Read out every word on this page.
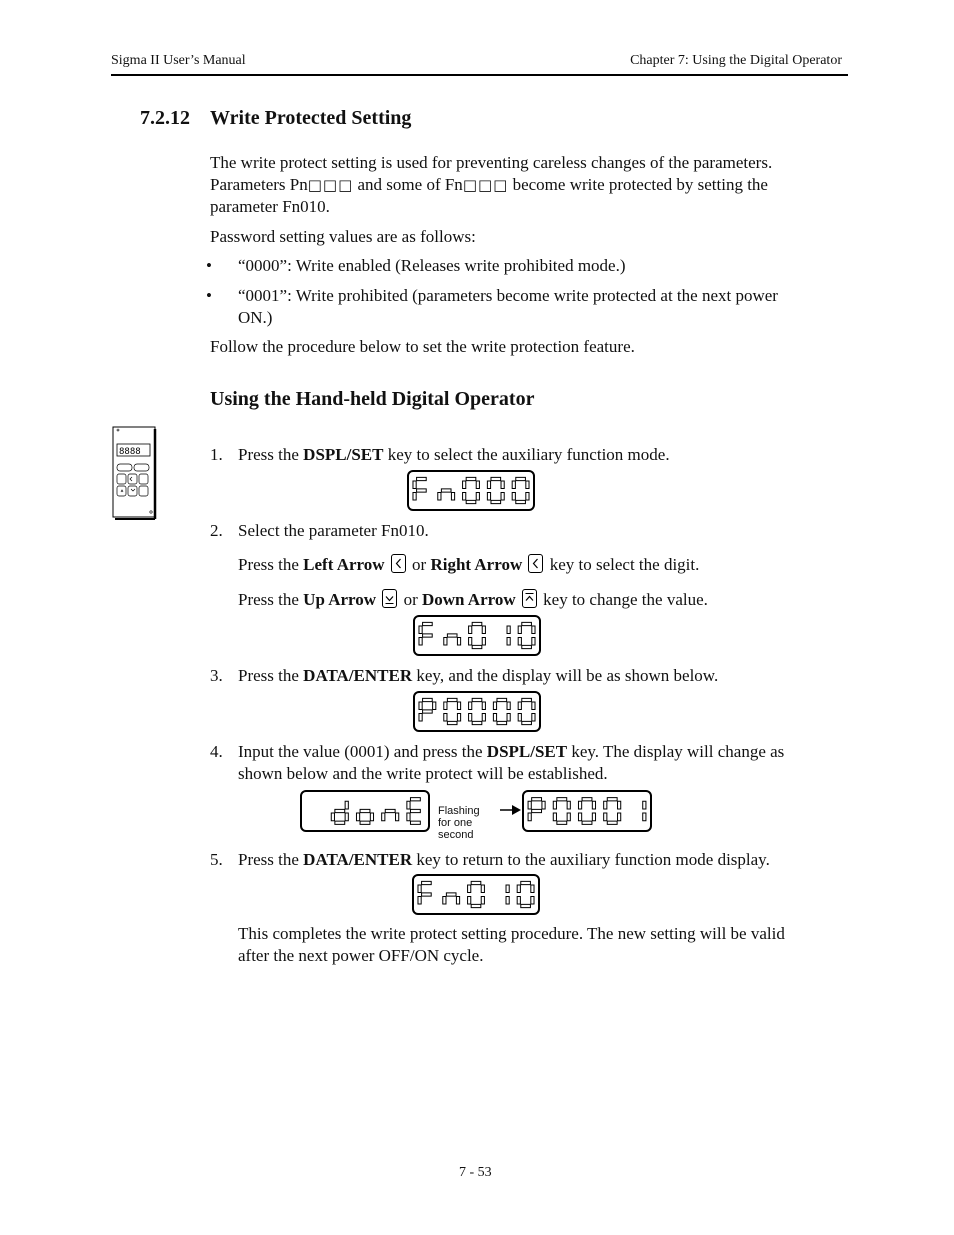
Sigma II User’s Manual	Chapter 7: Using the Digital Operator
7.2.12 Write Protected Setting
The write protect setting is used for preventing careless changes of the parameters.
Parameters Pn□□□ and some of Fn□□□ become write protected by setting the
parameter Fn010.
Password setting values are as follows:
• “0000”: Write enabled (Releases write prohibited mode.)
• “0001”: Write prohibited (parameters become write protected at the next power
ON.)
Follow the procedure below to set the write protection feature.
Using the Hand-held Digital Operator
8888	1. Press the DSPL/SET key to select the auxiliary function mode.
2. Select the parameter Fn010.
Press the Left Arrow
or Right Arrow
key to select the digit.
Press the Up Arrow
or Down Arrow
key to change the value.
3. Press the DATA/ENTER key, and the display will be as shown below.
4. Input the value (0001) and press the DSPL/SET key. The display will change as
shown below and the write protect will be established.
Flashing
for one
second
5. Press the DATA/ENTER key to return to the auxiliary function mode display.
This completes the write protect setting procedure. The new setting will be valid
after the next power OFF/ON cycle.
7 - 53
